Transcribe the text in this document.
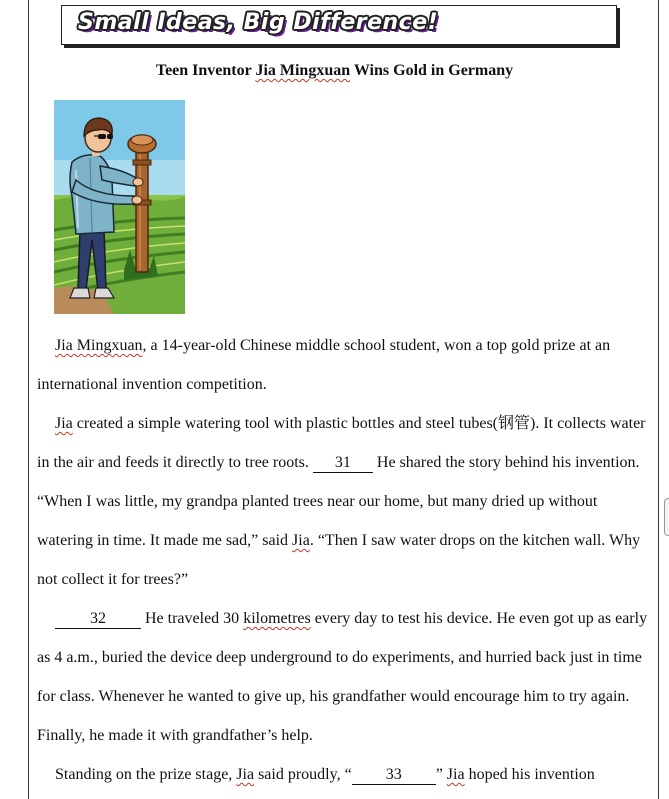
Small Ideas, Big Difference!
Teen Inventor Jia Mingxuan Wins Gold in Germany

Jia Mingxuan, a 14-year-old Chinese middle school student, won a top gold prize at an international invention competition.

Jia created a simple watering tool with plastic bottles and steel tubes(钢管). It collects water in the air and feeds it directly to tree roots. 31 He shared the story behind his invention. “When I was little, my grandpa planted trees near our home, but many dried up without watering in time. It made me sad,” said Jia. “Then I saw water drops on the kitchen wall. Why not collect it for trees?”

32 He traveled 30 kilometres every day to test his device. He even got up as early as 4 a.m., buried the device deep underground to do experiments, and hurried back just in time for class. Whenever he wanted to give up, his grandfather would encourage him to try again. Finally, he made it with grandfather’s help.

Standing on the prize stage, Jia said proudly, “ 33 ” Jia hoped his invention
